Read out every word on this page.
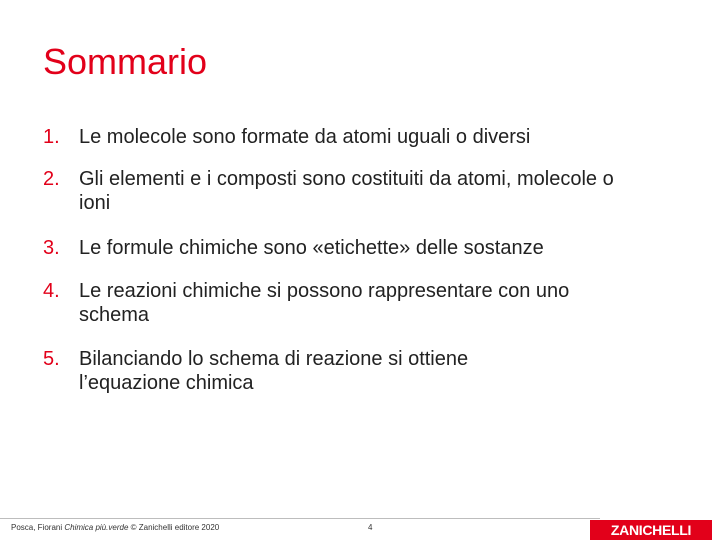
Sommario
1. Le molecole sono formate da atomi uguali o diversi
2. Gli elementi e i composti sono costituiti da atomi, molecole o ioni
3. Le formule chimiche sono «etichette» delle sostanze
4. Le reazioni chimiche si possono rappresentare con uno schema
5. Bilanciando lo schema di reazione si ottiene l’equazione chimica
Posca, Fiorani Chimica più.verde © Zanichelli editore 2020	4	ZANICHELLI
